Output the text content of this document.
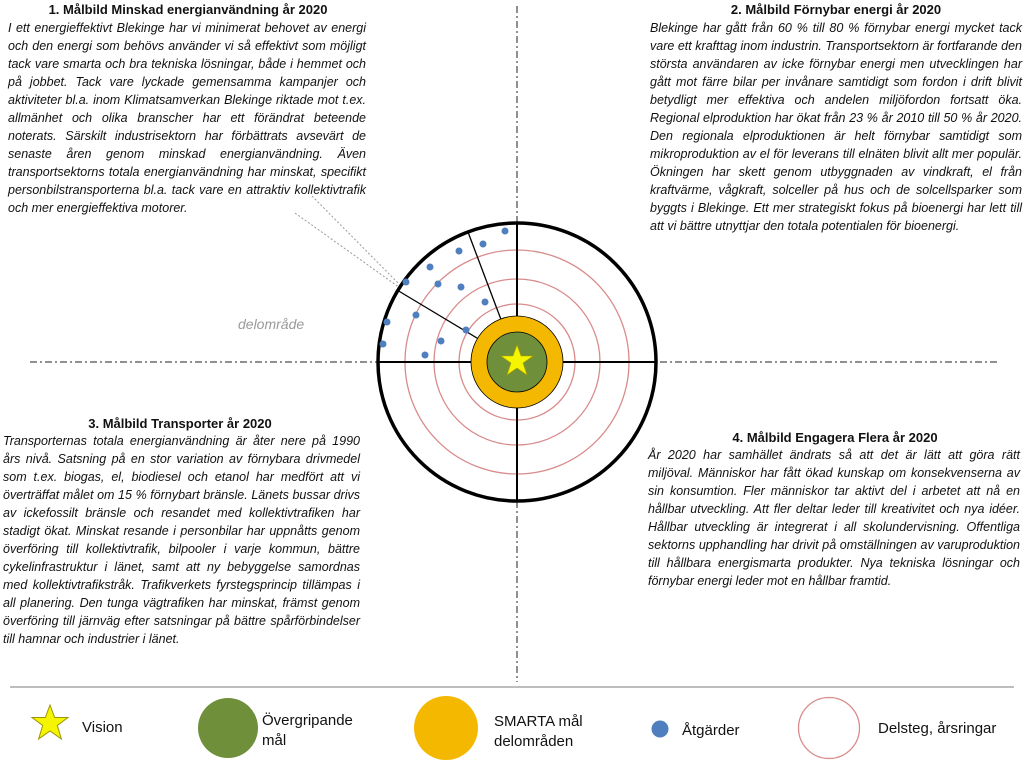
1. Målbild Minskad energianvändning år 2020
I ett energieffektivt Blekinge har vi minimerat behovet av energi och den energi som behövs använder vi så effektivt som möjligt tack vare smarta och bra tekniska lösningar, både i hemmet och på jobbet. Tack vare lyckade gemensamma kampanjer och aktiviteter bl.a. inom Klimatsamverkan Blekinge riktade mot t.ex. allmänhet och olika branscher har ett förändrat beteende noterats. Särskilt industrisektorn har förbättrats avsevärt de senaste åren genom minskad energianvändning. Även transportsektorns totala energianvändning har minskat, specifikt personbilstransporterna bl.a. tack vare en attraktiv kollektivtrafik och mer energieffektiva motorer.
2. Målbild Förnybar energi år 2020
Blekinge har gått från 60 % till 80 % förnybar energi mycket tack vare ett krafttag inom industrin. Transportsektorn är fortfarande den största användaren av icke förnybar energi men utvecklingen har gått mot färre bilar per invånare samtidigt som fordon i drift blivit betydligt mer effektiva och andelen miljöfordon fortsatt öka. Regional elproduktion har ökat från 23 % år 2010 till 50 % år 2020. Den regionala elproduktionen är helt förnybar samtidigt som mikroproduktion av el för leverans till elnäten blivit allt mer populär. Ökningen har skett genom utbyggnaden av vindkraft, el från kraftvärme, vågkraft, solceller på hus och de solcellsparker som byggts i Blekinge. Ett mer strategiskt fokus på bioenergi har lett till att vi bättre utnyttjar den totala potentialen för bioenergi.
3. Målbild Transporter år 2020
Transporternas totala energianvändning är åter nere på 1990 års nivå. Satsning på en stor variation av förnybara drivmedel som t.ex. biogas, el, biodiesel och etanol har medfört att vi överträffat målet om 15 % förnybart bränsle. Länets bussar drivs av ickefossilt bränsle och resandet med kollektivtrafiken har stadigt ökat. Minskat resande i personbilar har uppnåtts genom överföring till kollektivtrafik, bilpooler i varje kommun, bättre cykelinfrastruktur i länet, samt att ny bebyggelse samordnas med kollektivtrafikstråk. Trafikverkets fyrstegsprincip tillämpas i all planering. Den tunga vägtrafiken har minskat, främst genom överföring till järnväg efter satsningar på bättre spårförbindelser till hamnar och industrier i länet.
4. Målbild Engagera Flera år 2020
År 2020 har samhället ändrats så att det är lätt att göra rätt miljöval. Människor har fått ökad kunskap om konsekvenserna av sin konsumtion. Fler människor tar aktivt del i arbetet att nå en hållbar utveckling. Att fler deltar leder till kreativitet och nya idéer. Hållbar utveckling är integrerat i all skolundervisning. Offentliga sektorns upphandling har drivit på omställningen av varuproduktion till hållbara energismarta produkter. Nya tekniska lösningar och förnybar energi leder mot en hållbar framtid.
delområde
Vision	Övergripande mål
SMARTA mål delområden
Åtgärder	Delsteg, årsringar
